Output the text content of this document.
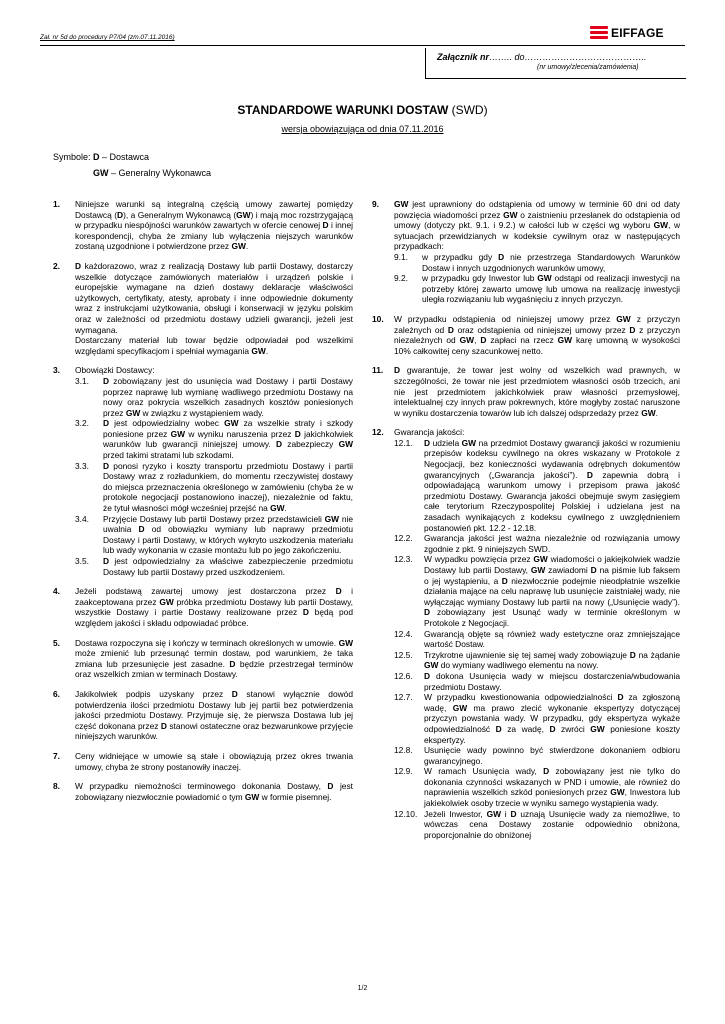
Zał. nr 5d do procedury P7/04 (zm.07.11.2016)	EIFFAGE
Załącznik nr…….. do…………………………………..
(nr umowy/zlecenia/zamówienia)
STANDARDOWE WARUNKI DOSTAW (SWD)
wersja obowiązująca od dnia 07.11.2016
Symbole: D – Dostawca
GW – Generalny Wykonawca
1. Niniejsze warunki są integralną częścią umowy zawartej pomiędzy Dostawcą (D), a Generalnym Wykonawcą (GW) i mają moc rozstrzygającą w przypadku niespójności warunków zawartych w ofercie cenowej D i innej korespondencji, chyba że zmiany lub wyłączenia niejszych warunków zostaną uzgodnione i potwierdzone przez GW.

2. D każdorazowo, wraz z realizacją Dostawy lub partii Dostawy, dostarczy wszelkie dotyczące zamówionych materiałów i urządzeń polskie i europejskie wymagane na dzień dostawy deklaracje właściwości użytkowych, certyfikaty, atesty, aprobaty i inne odpowiednie dokumenty wraz z instrukcjami użytkowania, obsługi i konserwacji w języku polskim oraz w zależności od przedmiotu dostawy udzieli gwarancji, jeżeli jest wymagana.

Dostarczany materiał lub towar będzie odpowiadał pod wszelkimi względami specyfikacjom i spełniał wymagania GW.

3. Obowiązki Dostawcy:

3.1. D zobowiązany jest do usunięcia wad Dostawy i partii Dostawy poprzez naprawę lub wymianę wadliwego przedmiotu Dostawy na nowy oraz pokrycia wszelkich zasadnych kosztów poniesionych przez GW w związku z wystąpieniem wady.
3.2. D jest odpowiedzialny wobec GW za wszelkie straty i szkody poniesione przez GW w wyniku naruszenia przez D jakichkolwiek warunków lub gwarancji niniejszej umowy. D zabezpieczy GW przed takimi stratami lub szkodami.
3.3. D ponosi ryzyko i koszty transportu przedmiotu Dostawy i partii Dostawy wraz z rozładunkiem, do momentu rzeczywistej dostawy do miejsca przeznaczenia określonego w zamówieniu (chyba że w protokole negocjacji postanowiono inaczej), niezależnie od faktu, że tytuł własności mógł wcześniej przejść na GW.
3.4. Przyjęcie Dostawy lub partii Dostawy przez przedstawicieli GW nie uwalnia D od obowiązku wymiany lub naprawy przedmiotu Dostawy i partii Dostawy, w których wykryto uszkodzenia materiału lub wady wykonania w czasie montażu lub po jego zakończeniu.
3.5. D jest odpowiedzialny za właściwe zabezpieczenie przedmiotu Dostawy lub partii Dostawy przed uszkodzeniem.
4. Jeżeli podstawą zawartej umowy jest dostarczona przez D i zaakceptowana przez GW próbka przedmiotu Dostawy lub partii Dostawy, wszystkie Dostawy i partie Dostawy realizowane przez D będą pod względem jakości i składu odpowiadać próbce.

5. Dostawa rozpoczyna się i kończy w terminach określonych w umowie. GW może zmienić lub przesunąć termin dostaw, pod warunkiem, że taka zmiana lub przesunięcie jest zasadne. D będzie przestrzegał terminów oraz wszelkich zmian w terminach Dostawy.

6. Jakikolwiek podpis uzyskany przez D stanowi wyłącznie dowód potwierdzenia ilości przedmiotu Dostawy lub jej partii bez potwierdzenia jakości przedmiotu Dostawy. Przyjmuje się, że pierwsza Dostawa lub jej część dokonana przez D stanowi ostateczne oraz bezwarunkowe przyjęcie niniejszych warunków.

7. Ceny widniejące w umowie są stałe i obowiązują przez okres trwania umowy, chyba że strony postanowiły inaczej.

8. W przypadku niemożności terminowego dokonania Dostawy, D jest zobowiązany niezwłocznie powiadomić o tym GW w formie pisemnej.

9. GW jest uprawniony do odstąpienia od umowy w terminie 60 dni od daty powzięcia wiadomości przez GW o zaistnieniu przesłanek do odstąpienia od umowy (dotyczy pkt. 9.1. i 9.2.) w całości lub w części wg wyboru GW, w sytuacjach przewidzianych w kodeksie cywilnym oraz w następujących przypadkach:

9.1. w przypadku gdy D nie przestrzega Standardowych Warunków Dostaw i innych uzgodnionych warunków umowy,
9.2. w przypadku gdy Inwestor lub GW odstąpi od realizacji inwestycji na potrzeby której zawarto umowę lub umowa na realizację inwestycji uległa rozwiązaniu lub wygaśnięciu z innych przyczyn.
10. W przypadku odstąpienia od niniejszej umowy przez GW z przyczyn zależnych od D oraz odstąpienia od niniejszej umowy przez D z przyczyn niezależnych od GW, D zapłaci na rzecz GW karę umowną w wysokości 10% całkowitej ceny szacunkowej netto.

11. D gwarantuje, że towar jest wolny od wszelkich wad prawnych, w szczególności, że towar nie jest przedmiotem własności osób trzecich, ani nie jest przedmiotem jakichkolwiek praw własności przemysłowej, intelektualnej czy innych praw pokrewnych, które mogłyby zostać naruszone w wyniku dostarczenia towarów lub ich dalszej odsprzedaży przez GW.

12. Gwarancja jakości:

12.1. D udziela GW na przedmiot Dostawy gwarancji jakości w rozumieniu przepisów kodeksu cywilnego na okres wskazany w Protokole z Negocjacji, bez konieczności wydawania odrębnych dokumentów gwarancyjnych („Gwarancja jakości”). D zapewnia dobrą i odpowiadającą warunkom umowy i przepisom prawa jakość przedmiotu Dostawy. Gwarancja jakości obejmuje swym zasięgiem całe terytorium Rzeczypospolitej Polskiej i udzielana jest na zasadach wynikających z kodeksu cywilnego z uwzględnieniem postanowień pkt. 12.2 - 12.18.
12.2. Gwarancja jakości jest ważna niezależnie od rozwiązania umowy zgodnie z pkt. 9 niniejszych SWD.
12.3. W wypadku powzięcia przez GW wiadomości o jakiejkolwiek wadzie Dostawy lub partii Dostawy, GW zawiadomi D na piśmie lub faksem o jej wystąpieniu, a D niezwłocznie podejmie nieodpłatnie wszelkie działania mające na celu naprawę lub usunięcie zaistniałej wady, nie wyłączając wymiany Dostawy lub partii na nowy („Usunięcie wady”). D zobowiązany jest Usunąć wady w terminie określonym w Protokole z Negocjacji.
12.4. Gwarancją objęte są również wady estetyczne oraz zmniejszające wartość Dostaw.
12.5. Trzykrotne ujawnienie się tej samej wady zobowiązuje D na żądanie GW do wymiany wadliwego elementu na nowy.
12.6. D dokona Usunięcia wady w miejscu dostarczenia/wbudowania przedmiotu Dostawy.
12.7. W przypadku kwestionowania odpowiedzialności D za zgłoszoną wadę, GW ma prawo zlecić wykonanie ekspertyzy dotyczącej przyczyn powstania wady. W przypadku, gdy ekspertyza wykaże odpowiedzialność D za wadę, D zwróci GW poniesione koszty ekspertyzy.
12.8. Usunięcie wady powinno być stwierdzone dokonaniem odbioru gwarancyjnego.
12.9. W ramach Usunięcia wady, D zobowiązany jest nie tylko do dokonania czynności wskazanych w PND i umowie, ale również do naprawienia wszelkich szkód poniesionych przez GW, Inwestora lub jakiekolwiek osoby trzecie w wyniku samego wystąpienia wady.
12.10. Jeżeli Inwestor, GW i D uznają Usunięcie wady za niemożliwe, to wówczas cena Dostawy zostanie odpowiednio obniżona, proporcjonalnie do obniżonej
1/2
